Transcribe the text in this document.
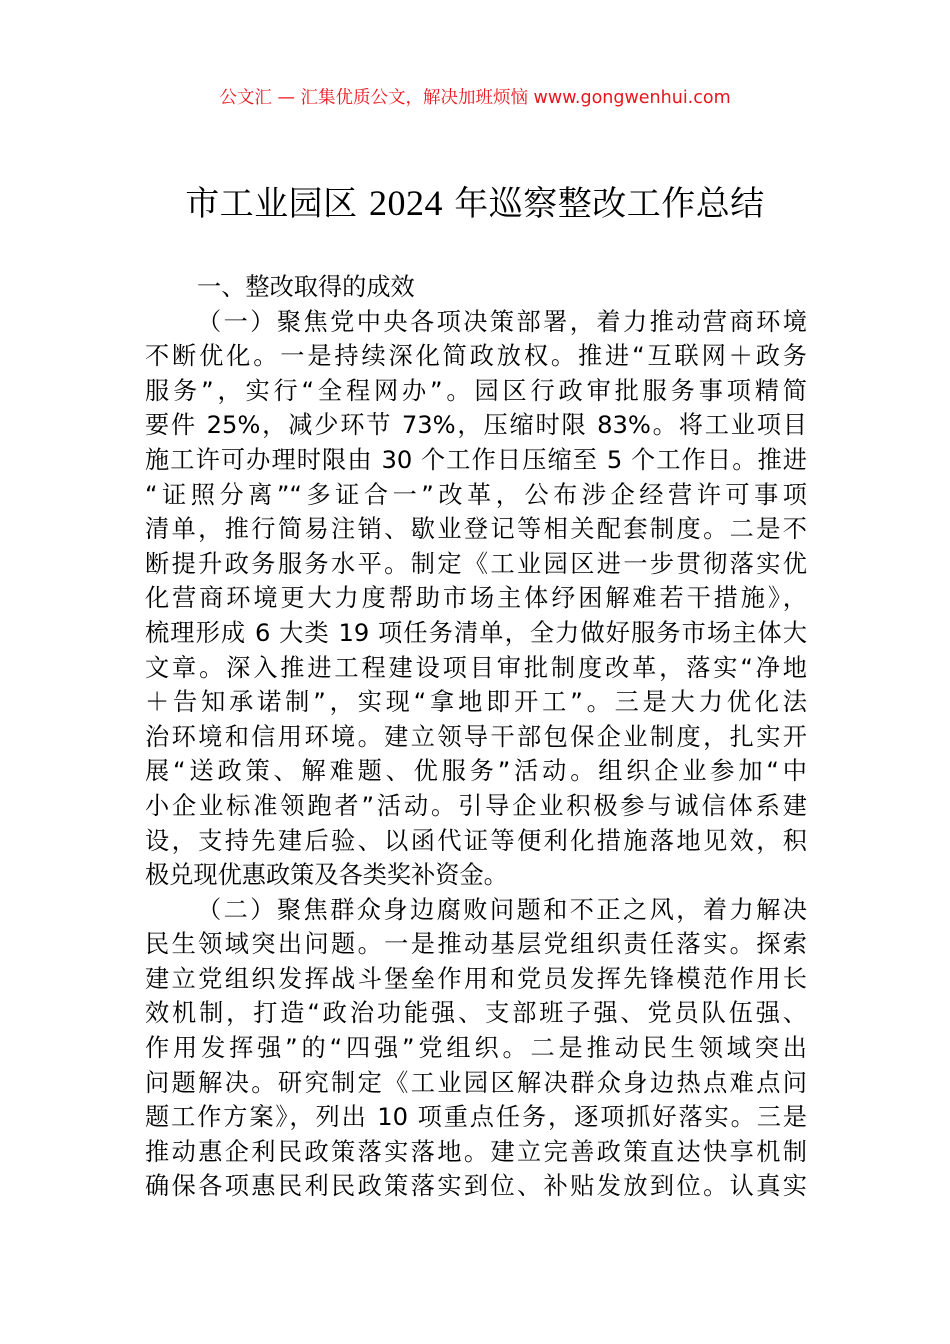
公文汇 — 汇集优质公文，解决加班烦恼 www.gongwenhui.com
市工业园区 2024 年巡察整改工作总结
一、整改取得的成效
（一）聚焦党中央各项决策部署，着力推动营商环境
不断优化。一是持续深化简政放权。推进“互联网＋政务
服务”，实行“全程网办”。园区行政审批服务事项精简
要件 25%，减少环节 73%，压缩时限 83%。将工业项目
施工许可办理时限由 30 个工作日压缩至 5 个工作日。推进
“证照分离”“多证合一”改革，公布涉企经营许可事项
清单，推行简易注销、歇业登记等相关配套制度。二是不
断提升政务服务水平。制定《工业园区进一步贯彻落实优
化营商环境更大力度帮助市场主体纾困解难若干措施》，
梳理形成 6 大类 19 项任务清单，全力做好服务市场主体大
文章。深入推进工程建设项目审批制度改革，落实“净地
＋告知承诺制”，实现“拿地即开工”。三是大力优化法
治环境和信用环境。建立领导干部包保企业制度，扎实开
展“送政策、解难题、优服务”活动。组织企业参加“中
小企业标准领跑者”活动。引导企业积极参与诚信体系建
设，支持先建后验、以函代证等便利化措施落地见效，积
极兑现优惠政策及各类奖补资金。
（二）聚焦群众身边腐败问题和不正之风，着力解决
民生领域突出问题。一是推动基层党组织责任落实。探索
建立党组织发挥战斗堡垒作用和党员发挥先锋模范作用长
效机制，打造“政治功能强、支部班子强、党员队伍强、
作用发挥强”的“四强”党组织。二是推动民生领域突出
问题解决。研究制定《工业园区解决群众身边热点难点问
题工作方案》，列出 10 项重点任务，逐项抓好落实。三是
推动惠企利民政策落实落地。建立完善政策直达快享机制
确保各项惠民利民政策落实到位、补贴发放到位。认真实
